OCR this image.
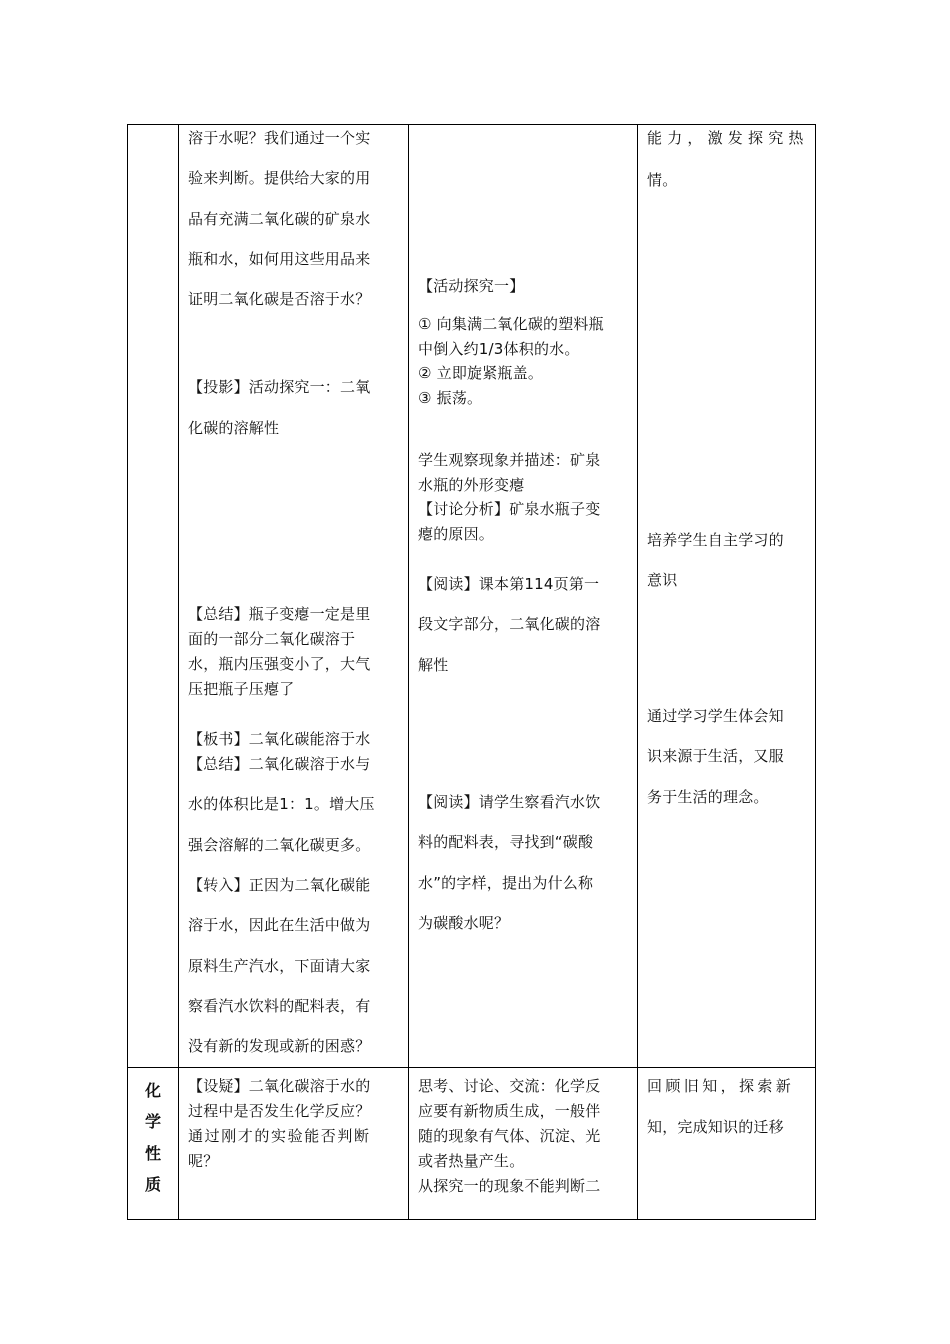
溶于水呢？我们通过一个实
验来判断。提供给大家的用
品有充满二氧化碳的矿泉水
瓶和水，如何用这些用品来
证明二氧化碳是否溶于水？
【投影】活动探究一：二氧
化碳的溶解性
【总结】瓶子变瘪一定是里
面的一部分二氧化碳溶于
水，瓶内压强变小了，大气
压把瓶子压瘪了
【板书】二氧化碳能溶于水
【总结】二氧化碳溶于水与
水的体积比是1：1。增大压
强会溶解的二氧化碳更多。
【转入】正因为二氧化碳能
溶于水，因此在生活中做为
原料生产汽水，下面请大家
察看汽水饮料的配料表，有
没有新的发现或新的困惑？
【活动探究一】
① 向集满二氧化碳的塑料瓶
中倒入约1/3体积的水。
② 立即旋紧瓶盖。
③ 振荡。
学生观察现象并描述：矿泉
水瓶的外形变瘪
【讨论分析】矿泉水瓶子变
瘪的原因。
【阅读】课本第114页第一
段文字部分，二氧化碳的溶
解性
【阅读】请学生察看汽水饮
料的配料表，寻找到“碳酸
水”的字样，提出为什么称
为碳酸水呢？
能力，激发探究热
情。
培养学生自主学习的
意识
通过学习学生体会知
识来源于生活，又服
务于生活的理念。
化
学
性
质
【设疑】二氧化碳溶于水的
过程中是否发生化学反应？
通过刚才的实验能否判断
呢？
思考、讨论、交流：化学反
应要有新物质生成，一般伴
随的现象有气体、沉淀、光
或者热量产生。
从探究一的现象不能判断二
回顾旧知，探索新
知，完成知识的迁移
